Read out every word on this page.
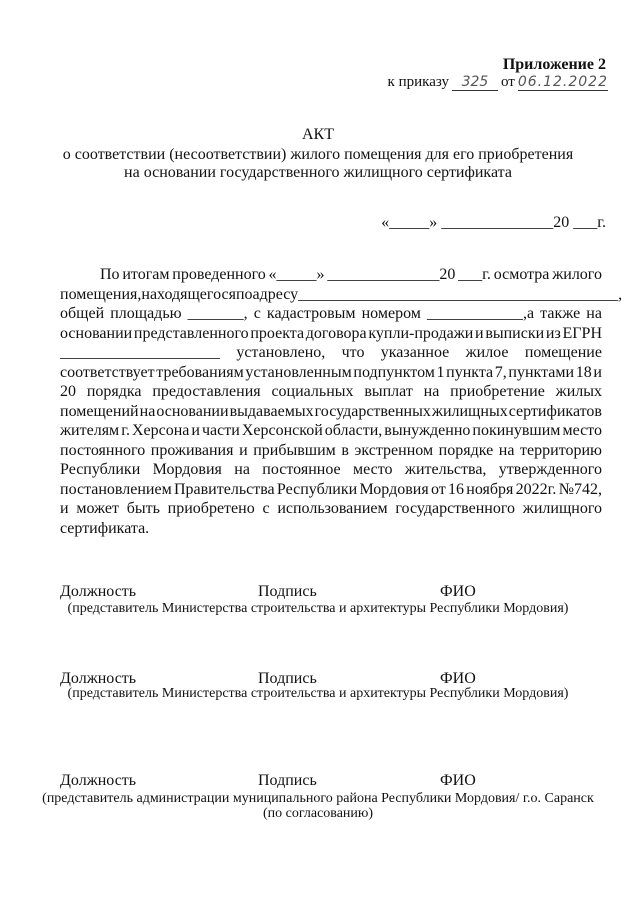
Приложение 2
к приказу 325 от 06.12.2022
АКТ
о соответствии (несоответствии) жилого помещения для его приобретения
на основании государственного жилищного сертификата
«_____» ______________20 ___г.
По итогам проведенного «_____» ______________20 ___г. осмотра жилого
помещения, находящегося по адресу________________________________________,
общей площадью _______, с кадастровым номером ____________,а также на
основании представленного проекта договора купли-продажи и выписки из ЕГРН
____________________ установлено, что указанное жилое помещение
соответствует требованиям установленным подпунктом 1 пункта 7, пунктами 18 и
20 порядка предоставления социальных выплат на приобретение жилых
помещений на основании выдаваемых государственных жилищных сертификатов
жителям г. Херсона и части Херсонской области, вынужденно покинувшим место
постоянного проживания и прибывшим в экстренном порядке на территорию
Республики Мордовия на постоянное место жительства, утвержденного
постановлением Правительства Республики Мордовия от 16 ноября 2022г. №742,
и может быть приобретено с использованием государственного жилищного
сертификата.
Должность	Подпись	ФИО
(представитель Министерства строительства и архитектуры Республики Мордовия)
Должность	Подпись	ФИО
(представитель Министерства строительства и архитектуры Республики Мордовия)
Должность	Подпись	ФИО
(представитель администрации муниципального района Республики Мордовия/ г.о. Саранск
(по согласованию)
